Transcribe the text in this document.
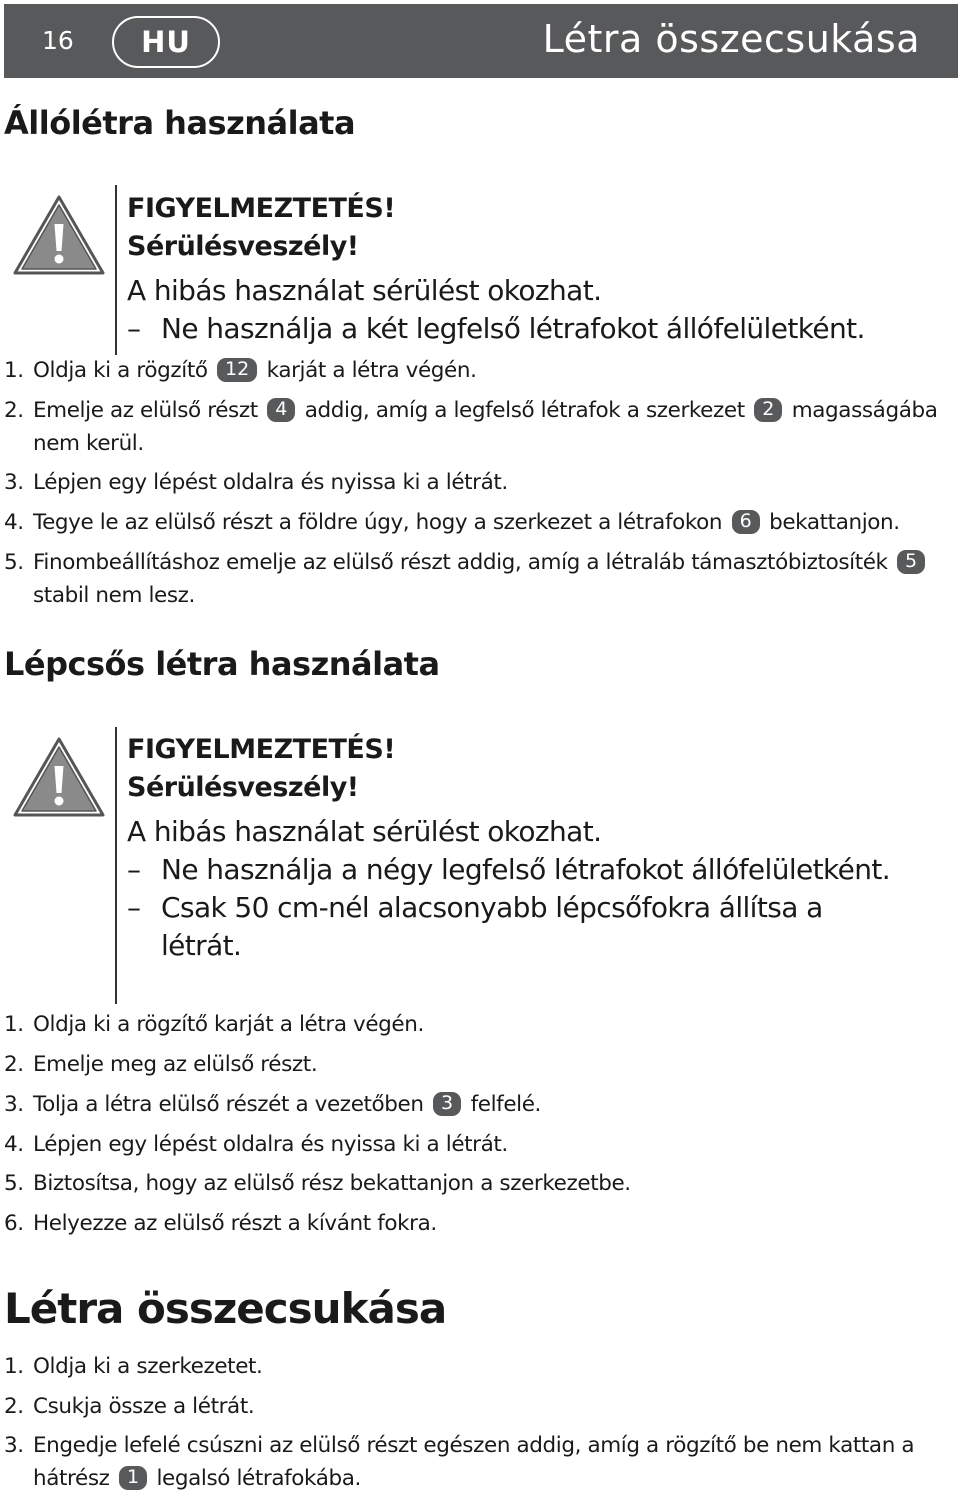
16	HU	Létra összecsukása
Állólétra használata
FIGYELMEZTETÉS!
Sérülésveszély!
A hibás használat sérülést okozhat.
– Ne használja a két legfelső létrafokot állófelületként.
1. Oldja ki a rögzítő 12 karját a létra végén.
2. Emelje az elülső részt 4 addig, amíg a legfelső létrafok a szerkezet 2 magasságába nem kerül.
3. Lépjen egy lépést oldalra és nyissa ki a létrát.
4. Tegye le az elülső részt a földre úgy, hogy a szerkezet a létrafokon 6 bekattanjon.
5. Finombeállításhoz emelje az elülső részt addig, amíg a létraláb támasztóbiztosíték 5 stabil nem lesz.
Lépcsős létra használata
FIGYELMEZTETÉS!
Sérülésveszély!
A hibás használat sérülést okozhat.
– Ne használja a négy legfelső létrafokot állófelületként.
– Csak 50 cm-nél alacsonyabb lépcsőfokra állítsa a létrát.
1. Oldja ki a rögzítő karját a létra végén.
2. Emelje meg az elülső részt.
3. Tolja a létra elülső részét a vezetőben 3 felfelé.
4. Lépjen egy lépést oldalra és nyissa ki a létrát.
5. Biztosítsa, hogy az elülső rész bekattanjon a szerkezetbe.
6. Helyezze az elülső részt a kívánt fokra.
Létra összecsukása
1. Oldja ki a szerkezetet.
2. Csukja össze a létrát.
3. Engedje lefelé csúszni az elülső részt egészen addig, amíg a rögzítő be nem kattan a hátrész 1 legalsó létrafokába.
